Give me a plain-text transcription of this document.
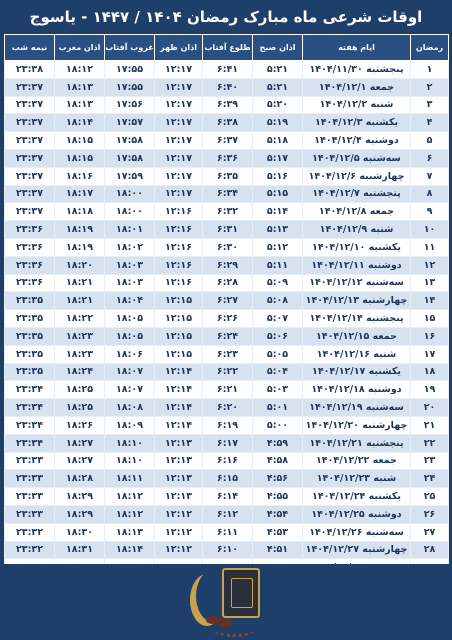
اوقات شرعی ماه مبارک رمضان ۱۴۰۴ / ۱۴۴۷ - یاسوج
رمضان	ایام هفته	اذان صبح	طلوع آفتاب	اذان ظهر	غروب آفتاب	اذان مغرب	نیمه شب
۱	پنجشنبه ۱۴۰۴/۱۱/۳۰	۵:۲۱	۶:۴۱	۱۲:۱۷	۱۷:۵۵	۱۸:۱۲	۲۳:۳۸
۲	جمعه ۱۴۰۴/۱۲/۱	۵:۲۱	۶:۴۰	۱۲:۱۷	۱۷:۵۵	۱۸:۱۳	۲۳:۳۷
۳	شنبه ۱۴۰۴/۱۲/۲	۵:۲۰	۶:۳۹	۱۲:۱۷	۱۷:۵۶	۱۸:۱۳	۲۳:۳۷
۴	یکشنبه ۱۴۰۴/۱۲/۳	۵:۱۹	۶:۳۸	۱۲:۱۷	۱۷:۵۷	۱۸:۱۴	۲۳:۳۷
۵	دوشنبه ۱۴۰۴/۱۲/۴	۵:۱۸	۶:۳۷	۱۲:۱۷	۱۷:۵۸	۱۸:۱۵	۲۳:۳۷
۶	سه‌شنبه ۱۴۰۴/۱۲/۵	۵:۱۷	۶:۳۶	۱۲:۱۷	۱۷:۵۸	۱۸:۱۵	۲۳:۳۷
۷	چهارشنبه ۱۴۰۴/۱۲/۶	۵:۱۶	۶:۳۵	۱۲:۱۷	۱۷:۵۹	۱۸:۱۶	۲۳:۳۷
۸	پنجشنبه ۱۴۰۴/۱۲/۷	۵:۱۵	۶:۳۴	۱۲:۱۷	۱۸:۰۰	۱۸:۱۷	۲۳:۳۷
۹	جمعه ۱۴۰۴/۱۲/۸	۵:۱۴	۶:۳۲	۱۲:۱۶	۱۸:۰۰	۱۸:۱۸	۲۳:۳۷
۱۰	شنبه ۱۴۰۴/۱۲/۹	۵:۱۳	۶:۳۱	۱۲:۱۶	۱۸:۰۱	۱۸:۱۹	۲۳:۳۶
۱۱	یکشنبه ۱۴۰۴/۱۲/۱۰	۵:۱۲	۶:۳۰	۱۲:۱۶	۱۸:۰۲	۱۸:۱۹	۲۳:۳۶
۱۲	دوشنبه ۱۴۰۴/۱۲/۱۱	۵:۱۱	۶:۲۹	۱۲:۱۶	۱۸:۰۳	۱۸:۲۰	۲۳:۳۶
۱۳	سه‌شنبه ۱۴۰۴/۱۲/۱۲	۵:۰۹	۶:۲۸	۱۲:۱۶	۱۸:۰۳	۱۸:۲۱	۲۳:۳۶
۱۴	چهارشنبه ۱۴۰۴/۱۲/۱۳	۵:۰۸	۶:۲۷	۱۲:۱۵	۱۸:۰۴	۱۸:۲۱	۲۳:۳۵
۱۵	پنجشنبه ۱۴۰۴/۱۲/۱۴	۵:۰۷	۶:۲۶	۱۲:۱۵	۱۸:۰۵	۱۸:۲۲	۲۳:۳۵
۱۶	جمعه ۱۴۰۴/۱۲/۱۵	۵:۰۶	۶:۲۴	۱۲:۱۵	۱۸:۰۵	۱۸:۲۳	۲۳:۳۵
۱۷	شنبه ۱۴۰۴/۱۲/۱۶	۵:۰۵	۶:۲۳	۱۲:۱۵	۱۸:۰۶	۱۸:۲۳	۲۳:۳۵
۱۸	یکشنبه ۱۴۰۴/۱۲/۱۷	۵:۰۴	۶:۲۲	۱۲:۱۴	۱۸:۰۷	۱۸:۲۴	۲۳:۳۵
۱۹	دوشنبه ۱۴۰۴/۱۲/۱۸	۵:۰۳	۶:۲۱	۱۲:۱۴	۱۸:۰۷	۱۸:۲۵	۲۳:۳۴
۲۰	سه‌شنبه ۱۴۰۴/۱۲/۱۹	۵:۰۱	۶:۲۰	۱۲:۱۴	۱۸:۰۸	۱۸:۲۵	۲۳:۳۴
۲۱	چهارشنبه ۱۴۰۴/۱۲/۲۰	۵:۰۰	۶:۱۹	۱۲:۱۴	۱۸:۰۹	۱۸:۲۶	۲۳:۳۴
۲۲	پنجشنبه ۱۴۰۴/۱۲/۲۱	۴:۵۹	۶:۱۷	۱۲:۱۳	۱۸:۱۰	۱۸:۲۷	۲۳:۳۴
۲۳	جمعه ۱۴۰۴/۱۲/۲۲	۴:۵۸	۶:۱۶	۱۲:۱۳	۱۸:۱۰	۱۸:۲۷	۲۳:۳۳
۲۴	شنبه ۱۴۰۴/۱۲/۲۳	۴:۵۶	۶:۱۵	۱۲:۱۳	۱۸:۱۱	۱۸:۲۸	۲۳:۳۳
۲۵	یکشنبه ۱۴۰۴/۱۲/۲۴	۴:۵۵	۶:۱۴	۱۲:۱۳	۱۸:۱۲	۱۸:۲۹	۲۳:۳۳
۲۶	دوشنبه ۱۴۰۴/۱۲/۲۵	۴:۵۴	۶:۱۲	۱۲:۱۲	۱۸:۱۲	۱۸:۲۹	۲۳:۳۳
۲۷	سه‌شنبه ۱۴۰۴/۱۲/۲۶	۴:۵۳	۶:۱۱	۱۲:۱۲	۱۸:۱۳	۱۸:۳۰	۲۳:۳۲
۲۸	چهارشنبه ۱۴۰۴/۱۲/۲۷	۴:۵۱	۶:۱۰	۱۲:۱۲	۱۸:۱۴	۱۸:۳۱	۲۳:۳۲
